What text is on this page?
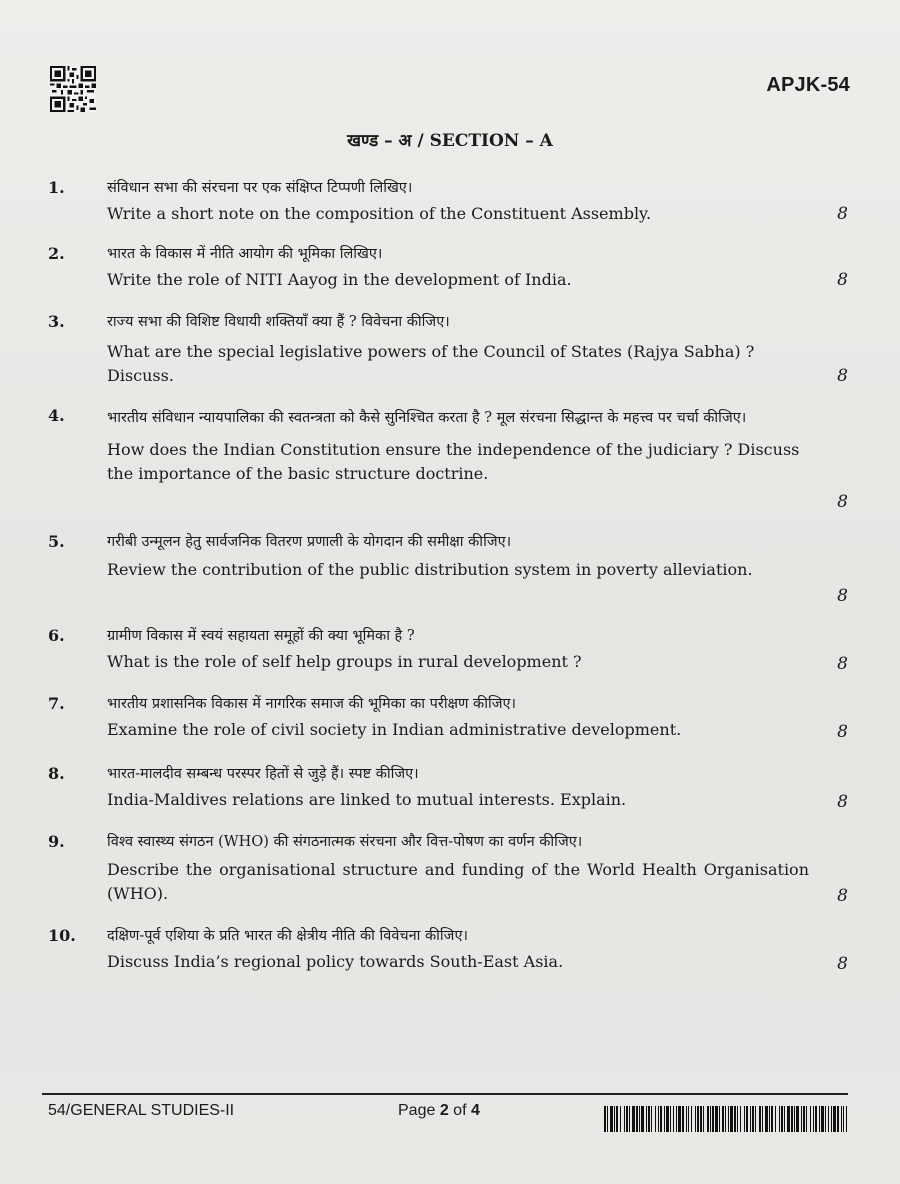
APJK-54
खण्ड – अ / SECTION – A
1.	संविधान सभा की संरचना पर एक संक्षिप्त टिप्पणी लिखिए।
Write a short note on the composition of the Constituent Assembly.	8
2.	भारत के विकास में नीति आयोग की भूमिका लिखिए।
Write the role of NITI Aayog in the development of India.	8
3.	राज्य सभा की विशिष्ट विधायी शक्तियाँ क्या हैं ? विवेचना कीजिए।
What are the special legislative powers of the Council of States (Rajya Sabha) ? Discuss.	8
4.	भारतीय संविधान न्यायपालिका की स्वतन्त्रता को कैसे सुनिश्चित करता है ? मूल संरचना सिद्धान्त के महत्त्व पर चर्चा कीजिए।
How does the Indian Constitution ensure the independence of the judiciary ? Discuss the importance of the basic structure doctrine.
8
5.	गरीबी उन्मूलन हेतु सार्वजनिक वितरण प्रणाली के योगदान की समीक्षा कीजिए।
Review the contribution of the public distribution system in poverty alleviation.
8
6.	ग्रामीण विकास में स्वयं सहायता समूहों की क्या भूमिका है ?
What is the role of self help groups in rural development ?	8
7.	भारतीय प्रशासनिक विकास में नागरिक समाज की भूमिका का परीक्षण कीजिए।
Examine the role of civil society in Indian administrative development.	8
8.	भारत-मालदीव सम्बन्ध परस्पर हितों से जुड़े हैं। स्पष्ट कीजिए।
India-Maldives relations are linked to mutual interests. Explain.	8
9.	विश्व स्वास्थ्य संगठन (WHO) की संगठनात्मक संरचना और वित्त-पोषण का वर्णन कीजिए।
Describe the organisational structure and funding of the World Health Organisation (WHO).	8
10. दक्षिण-पूर्व एशिया के प्रति भारत की क्षेत्रीय नीति की विवेचना कीजिए।
Discuss India’s regional policy towards South-East Asia.	8
54/GENERAL STUDIES-II	Page 2 of 4
